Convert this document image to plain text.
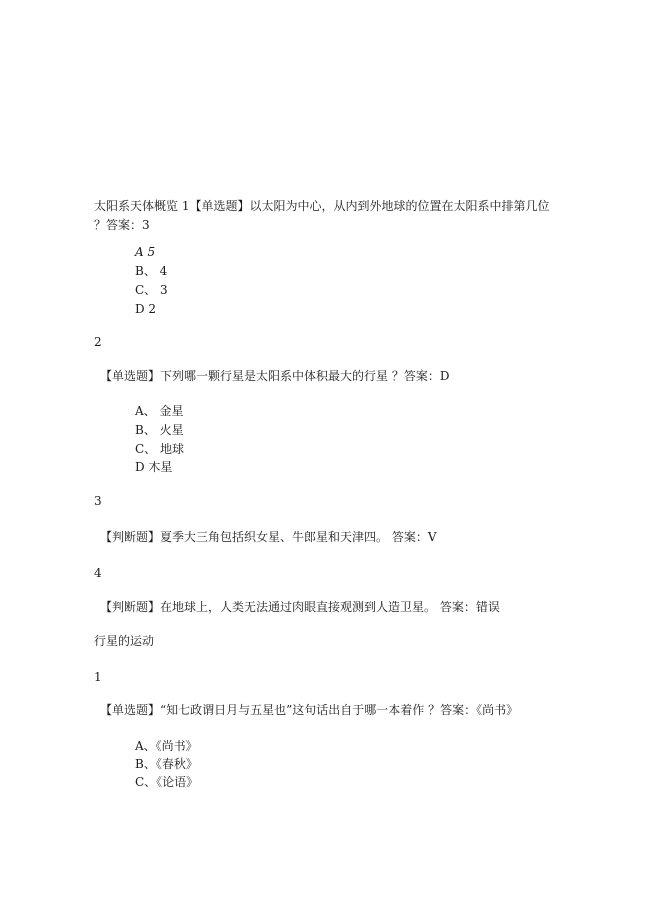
太阳系天体概览 1【单选题】以太阳为中心，从内到外地球的位置在太阳系中排第几位 ？答案：3
A 5
B、 4
C、 3
D 2
2
【单选题】下列哪一颗行星是太阳系中体积最大的行星 ？答案：D
A、 金星
B、 火星
C、 地球
D 木星
3
【判断题】夏季大三角包括织女星、牛郎星和天津四。 答案：V
4
【判断题】在地球上，人类无法通过肉眼直接观测到人造卫星。 答案：错误
行星的运动
1
【单选题】“知七政谓日月与五星也”这句话出自于哪一本着作 ？答案：《尚书》
A、《尚书》
B、《春秋》
C、《论语》
